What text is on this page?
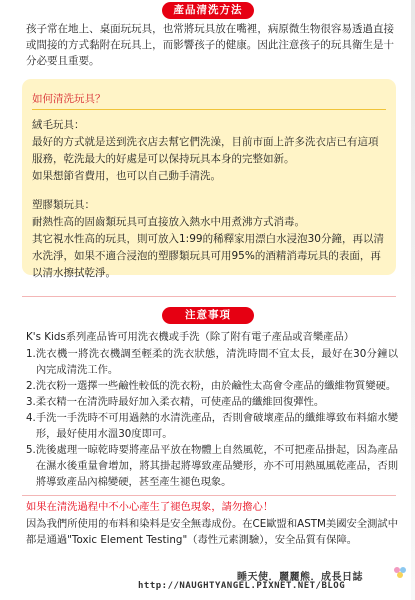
產品清洗方法
孩子常在地上、桌面玩玩具，也常將玩具放在嘴裡，病原微生物很容易透過直接或間接的方式黏附在玩具上，而影響孩子的健康。因此注意孩子的玩具衛生是十分必要且重要。
如何清洗玩具？

絨毛玩具：

最好的方式就是送到洗衣店去幫它們洗澡，目前市面上許多洗衣店已有這項服務，乾洗最大的好處是可以保持玩具本身的完整如新。

如果想節省費用，也可以自己動手清洗。

塑膠類玩具：

耐熱性高的固齒類玩具可直接放入熱水中用煮沸方式消毒。

其它視水性高的玩具，則可放入1:99的稀釋家用漂白水浸泡30分鐘，再以清水洗淨，如果不適合浸泡的塑膠類玩具可用95%的酒精消毒玩具的表面，再以清水擦拭乾淨。

注意事項
K's Kids系列產品皆可用洗衣機或手洗（除了附有電子產品或音樂產品）
1. 洗衣機一將洗衣機調至輕柔的洗衣狀態，清洗時間不宜太長，最好在30分鐘以內完成清洗工作。
2. 洗衣粉一選擇一些鹼性較低的洗衣粉，由於鹼性太高會令產品的纖維物質變硬。
3. 柔衣精一在清洗時最好加入柔衣精，可使產品的纖維回復彈性。
4. 手洗一手洗時不可用過熱的水清洗產品，否則會破壞產品的纖維導致布料縮水變形，最好使用水溫30度即可。
5. 洗後處理一晾乾時要將產品平放在物體上自然風乾，不可把產品掛起，因為產品在濕水後重量會增加，將其掛起將導致產品變形，亦不可用熱風風乾產品，否則將導致產品內棉變硬，甚至產生褪色現象。
如果在清洗過程中不小心產生了褪色現象，請勿擔心！
因為我們所使用的布料和染料是安全無毒成份。在CE歐盟和ASTM美國安全測試中都是通過"Toxic Element Testing"（毒性元素測驗），安全品質有保障。
睡天使．麗麗熊．成長日誌
http://NAUGHTYANGEL.PIXNET.NET/BLOG
